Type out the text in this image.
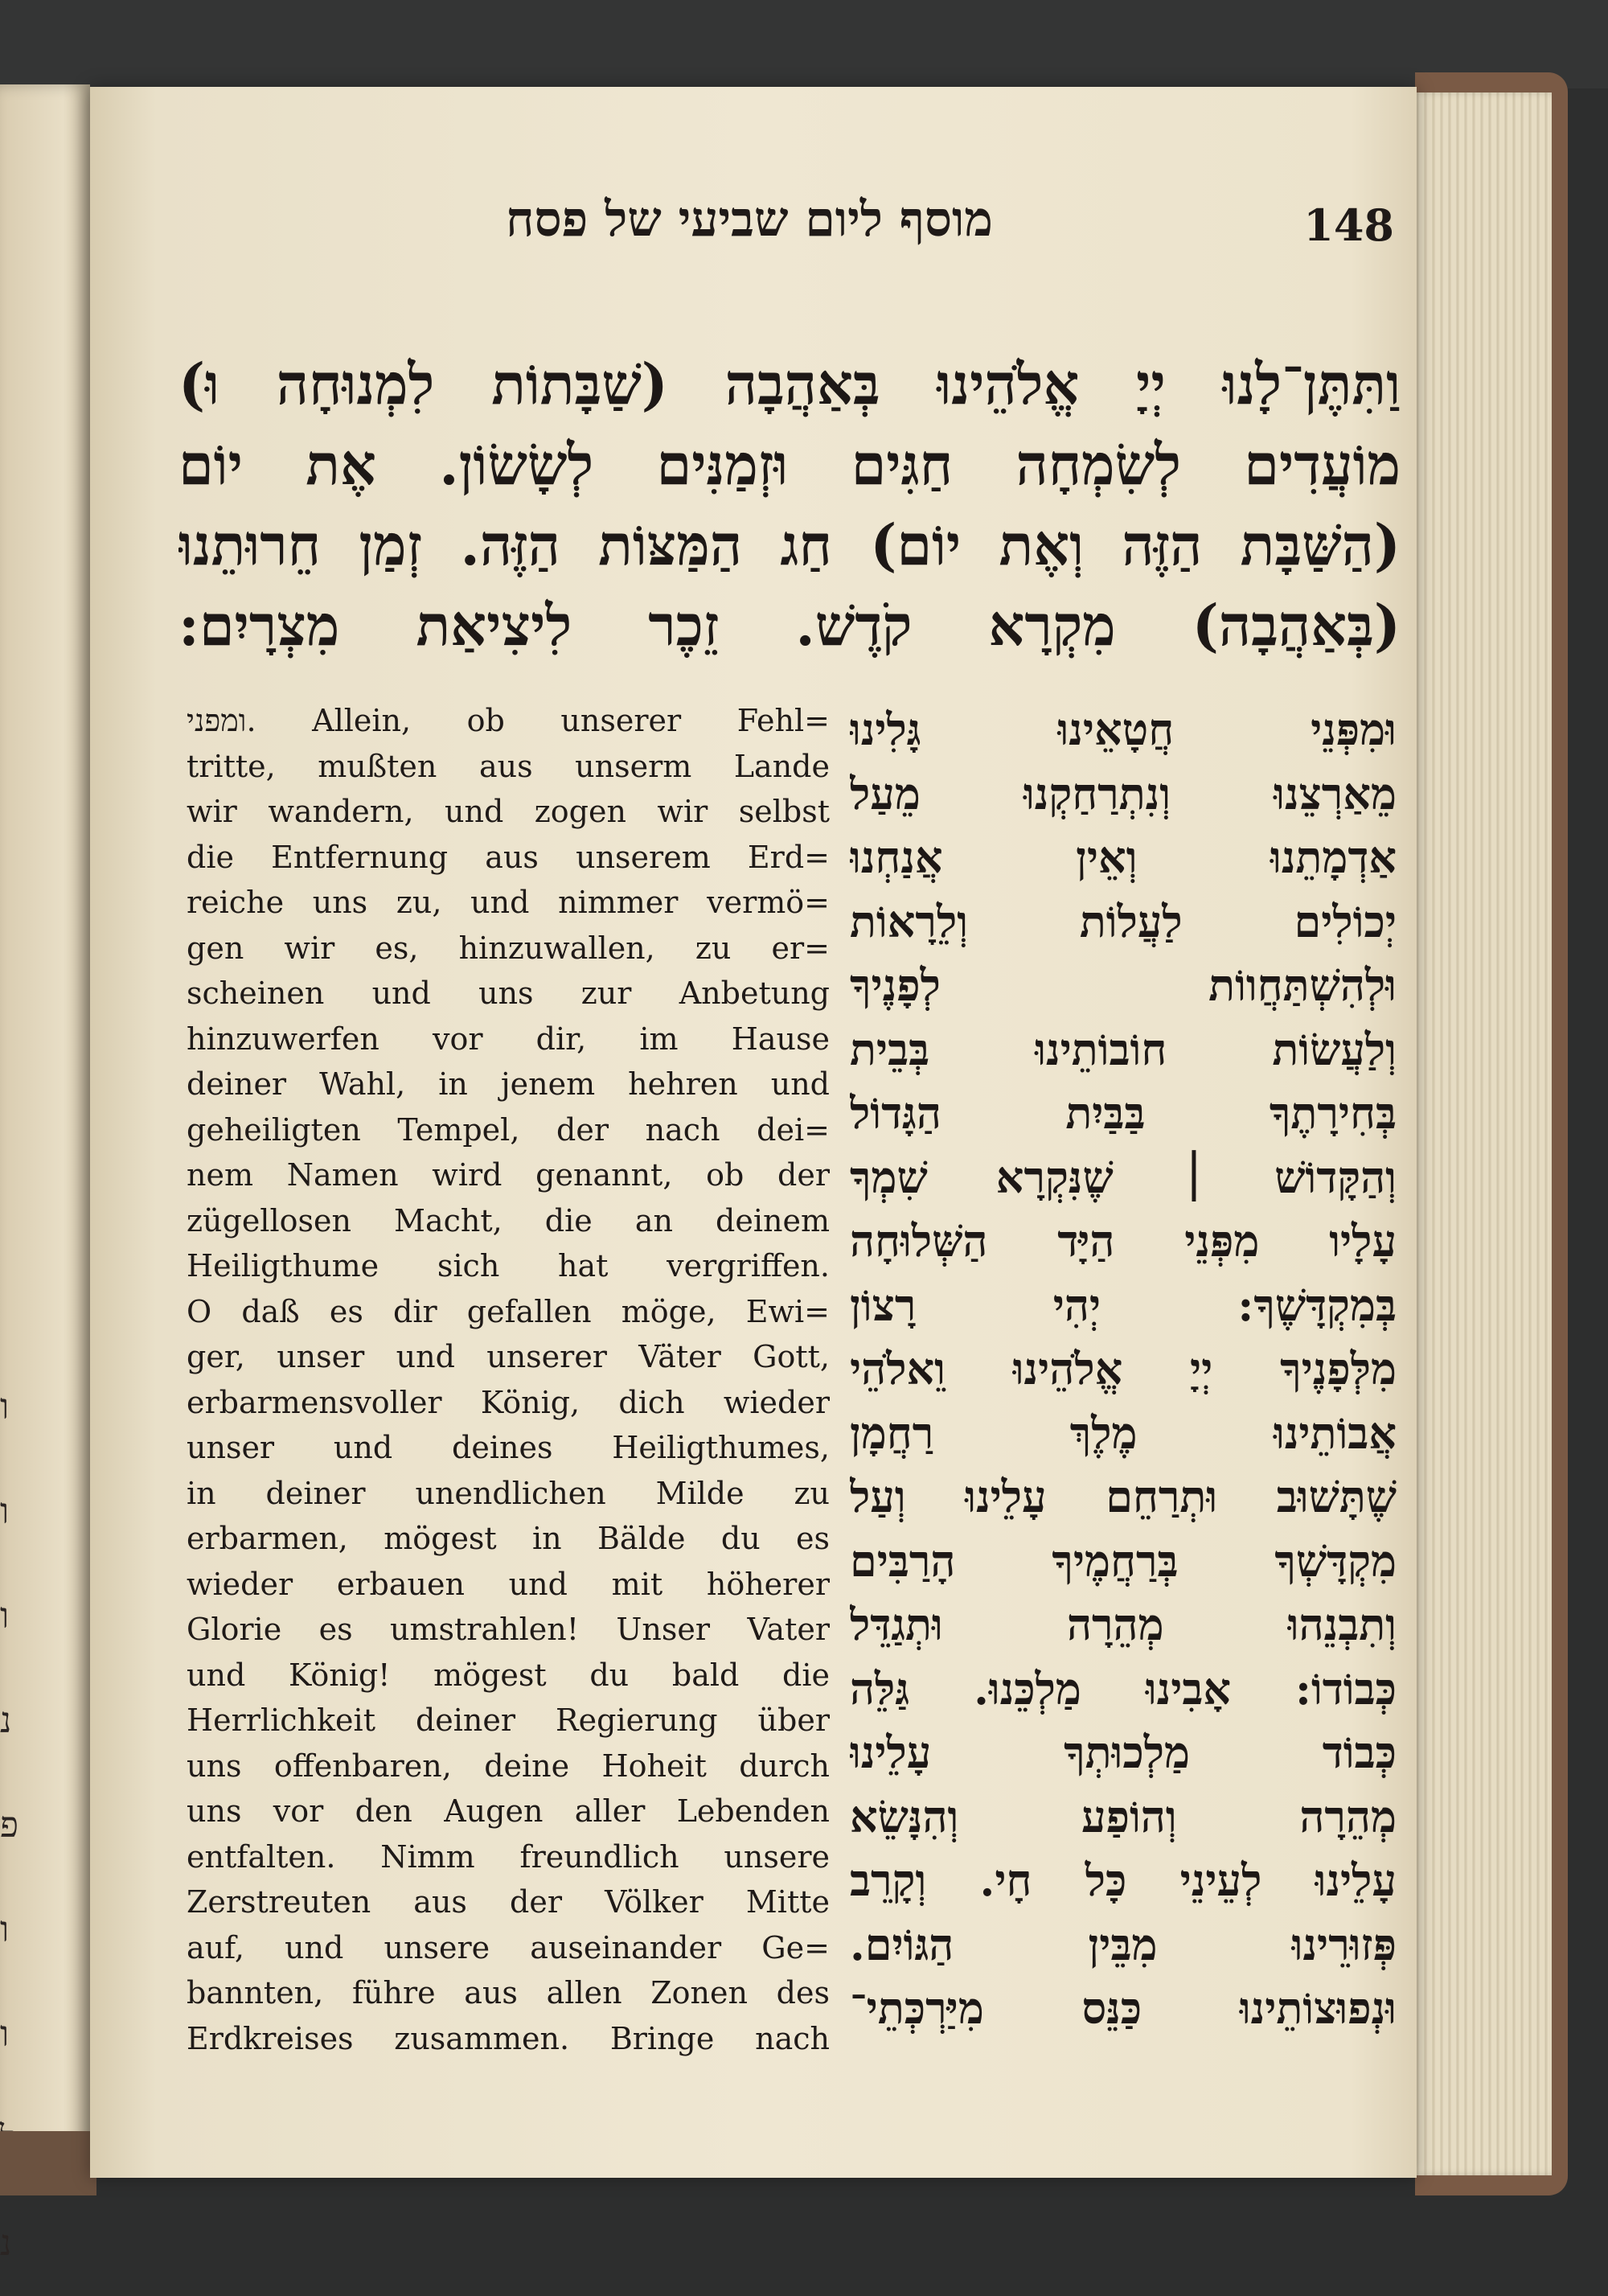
ו
ו
ו
נ
פ
ו
ו
נ
מוסף ליום שביעי של פסח	148
וַתִּתֶּן־לָנוּ יְיָ אֱלֹהֵינוּ בְּאַהֲבָה (שַׁבָּתוֹת לִמְנוּחָה וּ)
מוֹעֲדִים לְשִׂמְחָה חַגִּים וּזְמַנִּים לְשָׂשׂוֹן. אֶת יוֹם
(הַשַּׁבָּת הַזֶּה וְאֶת יוֹם) חַג הַמַּצּוֹת הַזֶּה. זְמַן חֵרוּתֵנוּ
(בְּאַהֲבָה) מִקְרָא קֹדֶשׁ. זֵכֶר לִיצִיאַת מִצְרָיִם:
ומפני. Allein, ob unserer Fehl=
tritte, mußten aus unserm Lande
wir wandern, und zogen wir selbst
die Entfernung aus unserem Erd=
reiche uns zu, und nimmer vermö=
gen wir es, hinzuwallen, zu er=
scheinen und uns zur Anbetung
hinzuwerfen vor dir, im Hause
deiner Wahl, in jenem hehren und
geheiligten Tempel, der nach dei=
nem Namen wird genannt, ob der
zügellosen Macht, die an deinem
Heiligthume sich hat vergriffen.
O daß es dir gefallen möge, Ewi=
ger, unser und unserer Väter Gott,
erbarmensvoller König, dich wieder
unser und deines Heiligthumes,
in deiner unendlichen Milde zu
erbarmen, mögest in Bälde du es
wieder erbauen und mit höherer
Glorie es umstrahlen! Unser Vater
und König! mögest du bald die
Herrlichkeit deiner Regierung über
uns offenbaren, deine Hoheit durch
uns vor den Augen aller Lebenden
entfalten. Nimm freundlich unsere
Zerstreuten aus der Völker Mitte
auf, und unsere auseinander Ge=
bannten, führe aus allen Zonen des
Erdkreises zusammen. Bringe nach
וּמִפְּנֵי חֲטָאֵינוּ גָּלִינוּ
מֵאַרְצֵנוּ וְנִתְרַחַקְנוּ מֵעַל
אַדְמָתֵנוּ וְאֵין אֲנַחְנוּ
יְכוֹלִים לַעֲלוֹת וְלֵרָאוֹת
וּלְהִשְׁתַּחֲווֹת לְפָנֶיךָ
וְלַעֲשׂוֹת חוֹבוֹתֵינוּ בְּבֵית
בְּחִירָתֶךָ בַּבַּיִת הַגָּדוֹל
וְהַקָּדוֹשׁ ׀ שֶׁנִּקְרָא שִׁמְךָ
עָלָיו מִפְּנֵי הַיָּד הַשְּׁלוּחָה
בְּמִקְדָּשֶׁךָ: יְהִי רָצוֹן
מִלְּפָנֶיךָ יְיָ אֱלֹהֵינוּ וֵאלֹהֵי
אֲבוֹתֵינוּ מֶלֶךְ רַחֲמָן
שֶׁתָּשׁוּב וּתְרַחֵם עָלֵינוּ וְעַל
מִקְדָּשְׁךָ בְּרַחֲמֶיךָ הָרַבִּים
וְתִבְנֵהוּ מְהֵרָה וּתְגַדֵּל
כְּבוֹדוֹ: אָבִינוּ מַלְכֵּנוּ. גַּלֵּה
כְּבוֹד מַלְכוּתְךָ עָלֵינוּ
מְהֵרָה וְהוֹפַע וְהִנָּשֵׂא
עָלֵינוּ לְעֵינֵי כָּל חָי. וְקָרֵב
פְּזוּרֵינוּ מִבֵּין הַגּוֹיִם.
וּנְפוּצוֹתֵינוּ כַּנֵּס מִיַּרְכְּתֵי־
